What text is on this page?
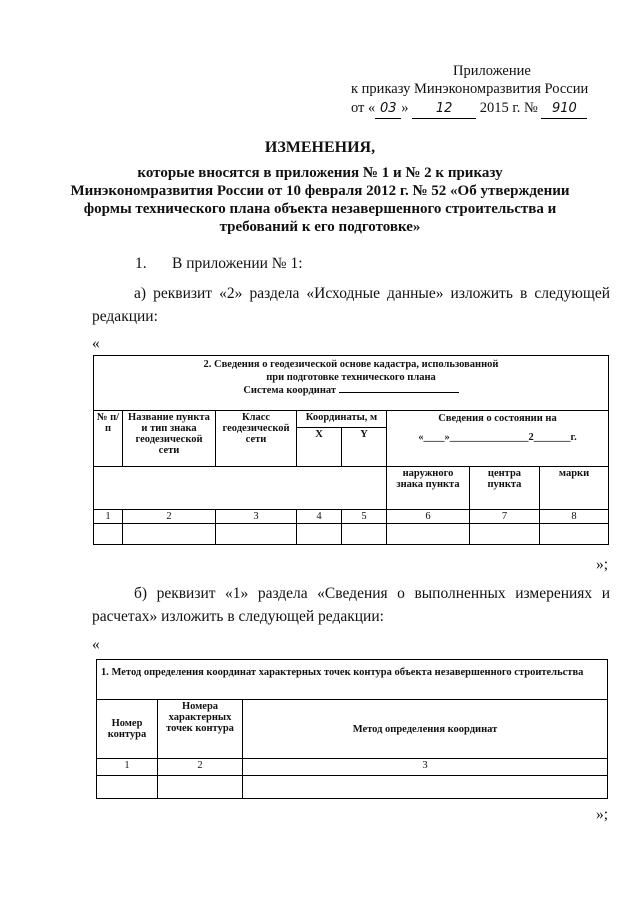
Приложение
к приказу Минэкономразвития России
от « 03 » 12 2015 г. № 910
ИЗМЕНЕНИЯ,
которые вносятся в приложения № 1 и № 2 к приказу
Минэкономразвития России от 10 февраля 2012 г. № 52 «Об утверждении
формы технического плана объекта незавершенного строительства и
требований к его подготовке»
1. В приложении № 1:
а) реквизит «2» раздела «Исходные данные» изложить в следующей
редакции:
«
2. Сведения о геодезической основе кадастра, использованной
при подготовке технического плана
Система координат							

№ п/п	Название пункта и тип знака геодезической сети	Класс геодезической сети	Координаты, м		Сведения о состоянии на
«____»_______________2_______г.		

			X	Y			
					наружного знака пункта	центра пункта	марки
1	2	3	4	5	6	7	8

»;
б) реквизит «1» раздела «Сведения о выполненных измерениях и
расчетах» изложить в следующей редакции:
«
1. Метод определения координат характерных точек контура объекта незавершенного строительства		
Номер контура	Номера характерных точек контура	Метод определения координат
1	2	3

»;
